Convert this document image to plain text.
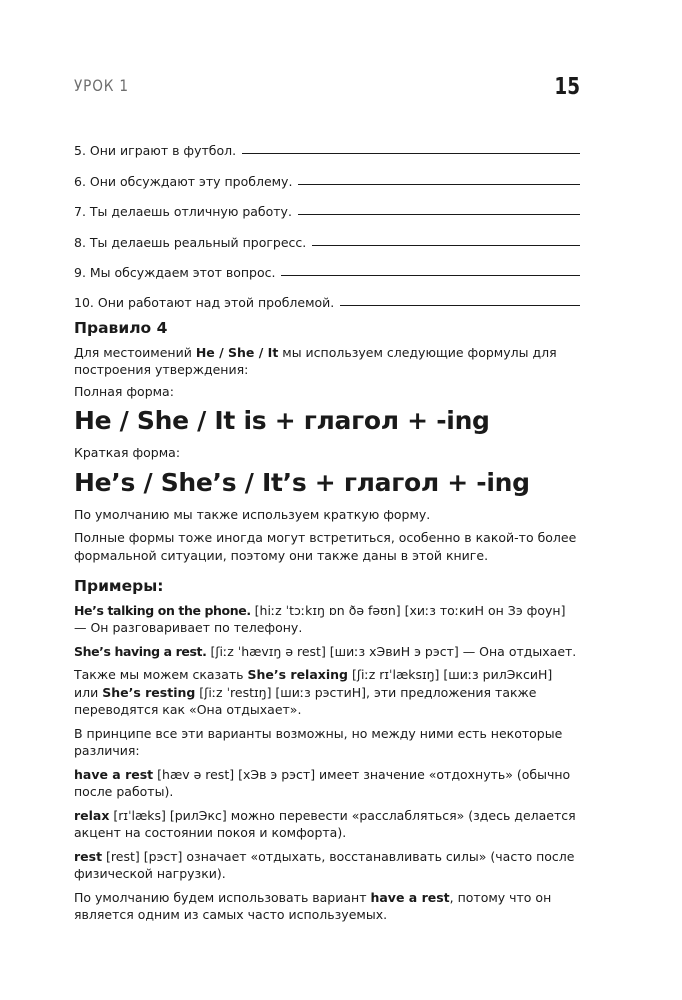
УРОК 1	15
5. Они играют в футбол.
6. Они обсуждают эту проблему.
7. Ты делаешь отличную работу.
8. Ты делаешь реальный прогресс.
9. Мы обсуждаем этот вопрос.
10. Они работают над этой проблемой.
Правило 4

Для местоимений He / She / It мы используем следующие формулы для построения утверждения:

Полная форма:

He / She / It is + глагол + -ing

Краткая форма:

He’s / She’s / It’s + глагол + -ing

По умолчанию мы также используем краткую форму.

Полные формы тоже иногда могут встретиться, особенно в какой-то более формальной ситуации, поэтому они также даны в этой книге.

Примеры:

He’s talking on the phone. [hiːz ˈtɔːkɪŋ ɒn ðə fəʊn] [хиːз тоːкиН он Зэ фоун] — Он разговаривает по телефону.

She’s having a rest. [ʃiːz ˈhævɪŋ ə rest] [шиːз хЭвиН э рэст] — Она отдыхает.

Также мы можем сказать She’s relaxing [ʃiːz rɪˈlæksɪŋ] [шиːз рилЭксиН] или She’s resting [ʃiːz ˈrestɪŋ] [шиːз рэстиН], эти предложения также переводятся как «Она отдыхает».

В принципе все эти варианты возможны, но между ними есть некоторые различия:

have a rest [hæv ə rest] [хЭв э рэст] имеет значение «отдохнуть» (обычно после работы).

relax [rɪˈlæks] [рилЭкс] можно перевести «расслабляться» (здесь делается акцент на состоянии покоя и комфорта).

rest [rest] [рэст] означает «отдыхать, восстанавливать силы» (часто после физической нагрузки).

По умолчанию будем использовать вариант have a rest, потому что он является одним из самых часто используемых.
